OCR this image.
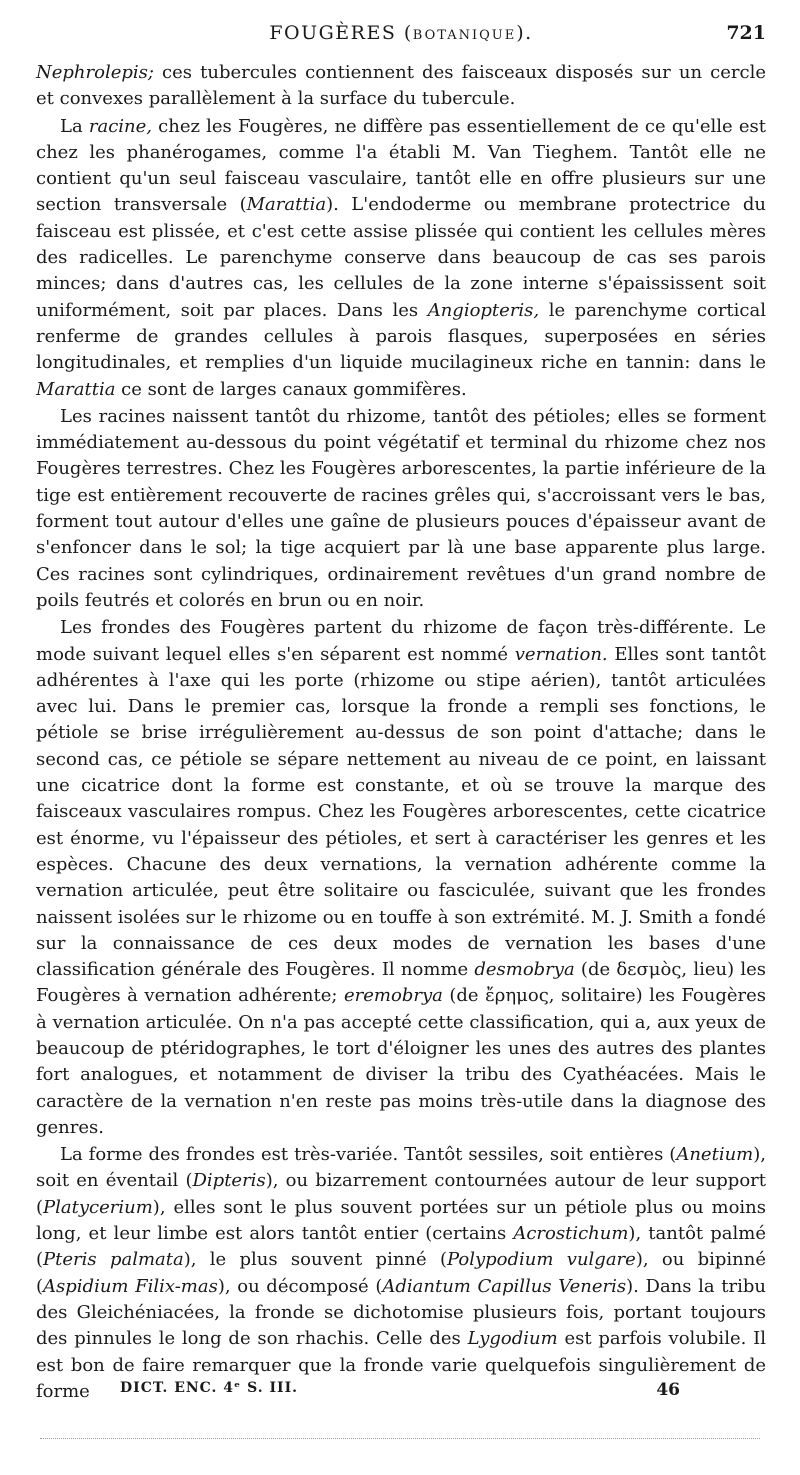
FOUGÈRES (BOTANIQUE).	721

Nephrolepis; ces tubercules contiennent des faisceaux disposés sur un cercle et convexes parallèlement à la surface du tubercule.

La racine, chez les Fougères, ne diffère pas essentiellement de ce qu'elle est chez les phanérogames, comme l'a établi M. Van Tieghem. Tantôt elle ne contient qu'un seul faisceau vasculaire, tantôt elle en offre plusieurs sur une section transversale (Marattia). L'endoderme ou membrane protectrice du faisceau est plissée, et c'est cette assise plissée qui contient les cellules mères des radicelles. Le parenchyme conserve dans beaucoup de cas ses parois minces; dans d'autres cas, les cellules de la zone interne s'épaississent soit uniformément, soit par places. Dans les Angiopteris, le parenchyme cortical renferme de grandes cellules à parois flasques, superposées en séries longitudinales, et remplies d'un liquide mucilagineux riche en tannin: dans le Marattia ce sont de larges canaux gommifères.

Les racines naissent tantôt du rhizome, tantôt des pétioles; elles se forment immédiatement au-dessous du point végétatif et terminal du rhizome chez nos Fougères terrestres. Chez les Fougères arborescentes, la partie inférieure de la tige est entièrement recouverte de racines grêles qui, s'accroissant vers le bas, forment tout autour d'elles une gaîne de plusieurs pouces d'épaisseur avant de s'enfoncer dans le sol; la tige acquiert par là une base apparente plus large. Ces racines sont cylindriques, ordinairement revêtues d'un grand nombre de poils feutrés et colorés en brun ou en noir.

Les frondes des Fougères partent du rhizome de façon très-différente. Le mode suivant lequel elles s'en séparent est nommé vernation. Elles sont tantôt adhérentes à l'axe qui les porte (rhizome ou stipe aérien), tantôt articulées avec lui. Dans le premier cas, lorsque la fronde a rempli ses fonctions, le pétiole se brise irrégulièrement au-dessus de son point d'attache; dans le second cas, ce pétiole se sépare nettement au niveau de ce point, en laissant une cicatrice dont la forme est constante, et où se trouve la marque des faisceaux vasculaires rompus. Chez les Fougères arborescentes, cette cicatrice est énorme, vu l'épaisseur des pétioles, et sert à caractériser les genres et les espèces. Chacune des deux vernations, la vernation adhérente comme la vernation articulée, peut être solitaire ou fasciculée, suivant que les frondes naissent isolées sur le rhizome ou en touffe à son extrémité. M. J. Smith a fondé sur la connaissance de ces deux modes de vernation les bases d'une classification générale des Fougères. Il nomme desmobrya (de δεσμὸς, lieu) les Fougères à vernation adhérente; eremobrya (de ἔρημος, solitaire) les Fougères à vernation articulée. On n'a pas accepté cette classification, qui a, aux yeux de beaucoup de ptéridographes, le tort d'éloigner les unes des autres des plantes fort analogues, et notamment de diviser la tribu des Cyathéacées. Mais le caractère de la vernation n'en reste pas moins très-utile dans la diagnose des genres.

La forme des frondes est très-variée. Tantôt sessiles, soit entières (Anetium), soit en éventail (Dipteris), ou bizarrement contournées autour de leur support (Platycerium), elles sont le plus souvent portées sur un pétiole plus ou moins long, et leur limbe est alors tantôt entier (certains Acrostichum), tantôt palmé (Pteris palmata), le plus souvent pinné (Polypodium vulgare), ou bipinné (Aspidium Filix-mas), ou décomposé (Adiantum Capillus Veneris). Dans la tribu des Gleichéniacées, la fronde se dichotomise plusieurs fois, portant toujours des pinnules le long de son rhachis. Celle des Lygodium est parfois volubile. Il est bon de faire remarquer que la fronde varie quelquefois singulièrement de forme	DICT. ENC. 4ᵉ S. III.	46
